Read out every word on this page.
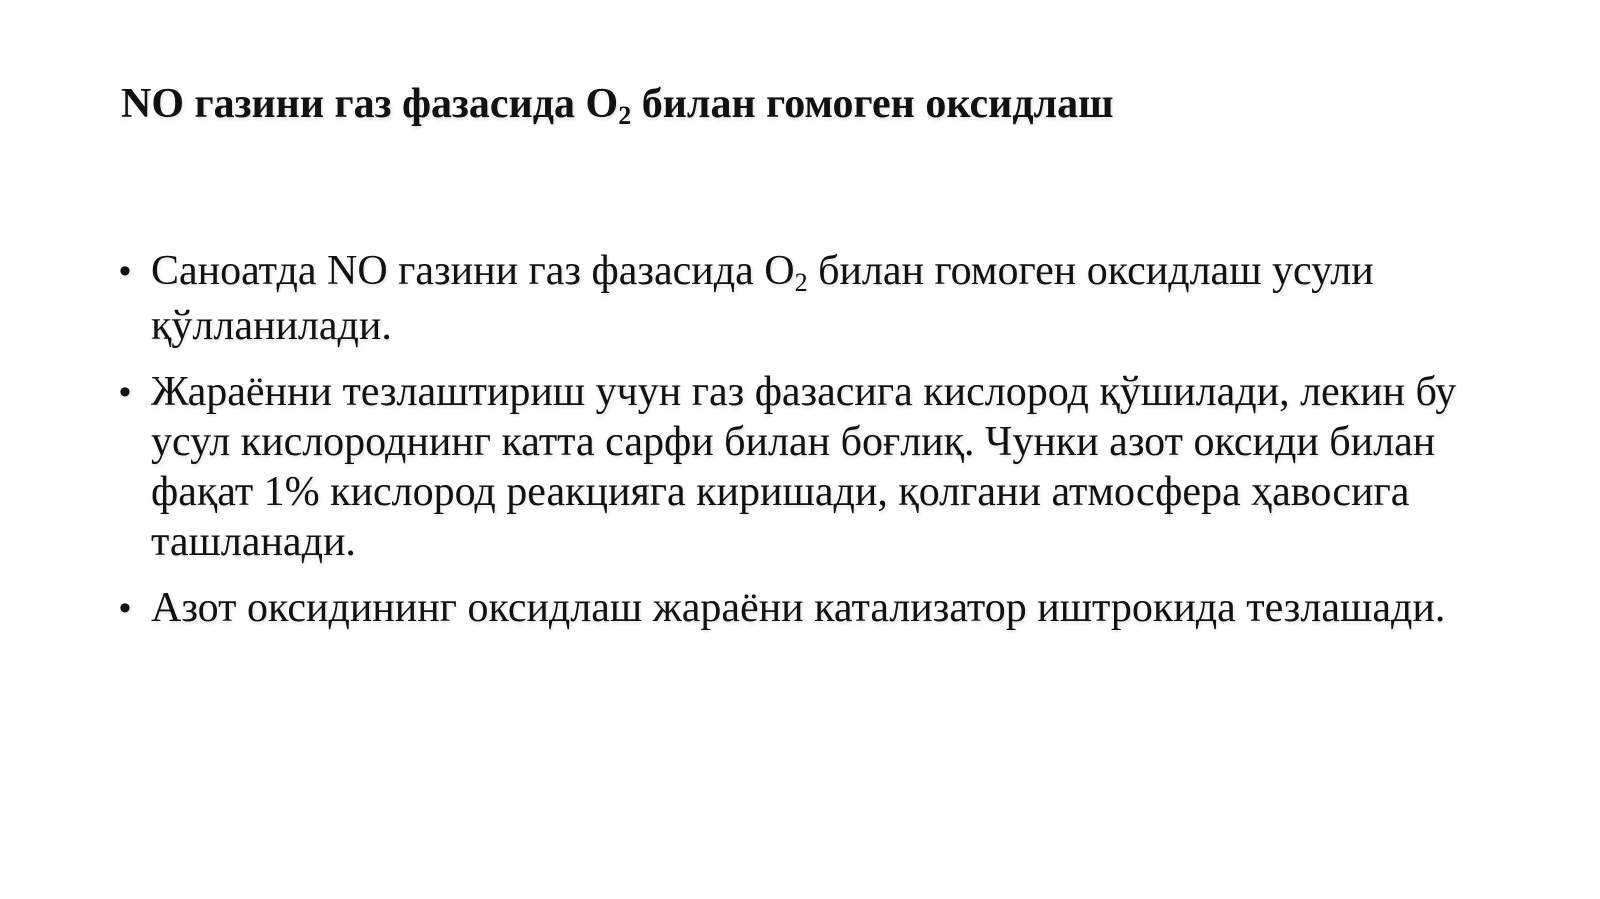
NO газини газ фазасида $O_2$ билан гомоген оксидлаш
• Саноатда NO газини газ фазасида $O_2$ билан гомоген оксидлаш усули қўлланилади.
• Жараённи тезлаштириш учун газ фазасига кислород қўшилади, лекин бу усул кислороднинг катта сарфи билан боғлиқ. Чунки азот оксиди билан фақат 1% кислород реакцияга киришади, қолгани атмосфера ҳавосига ташланади.
• Азот оксидининг оксидлаш жараёни катализатор иштрокида тезлашади.
